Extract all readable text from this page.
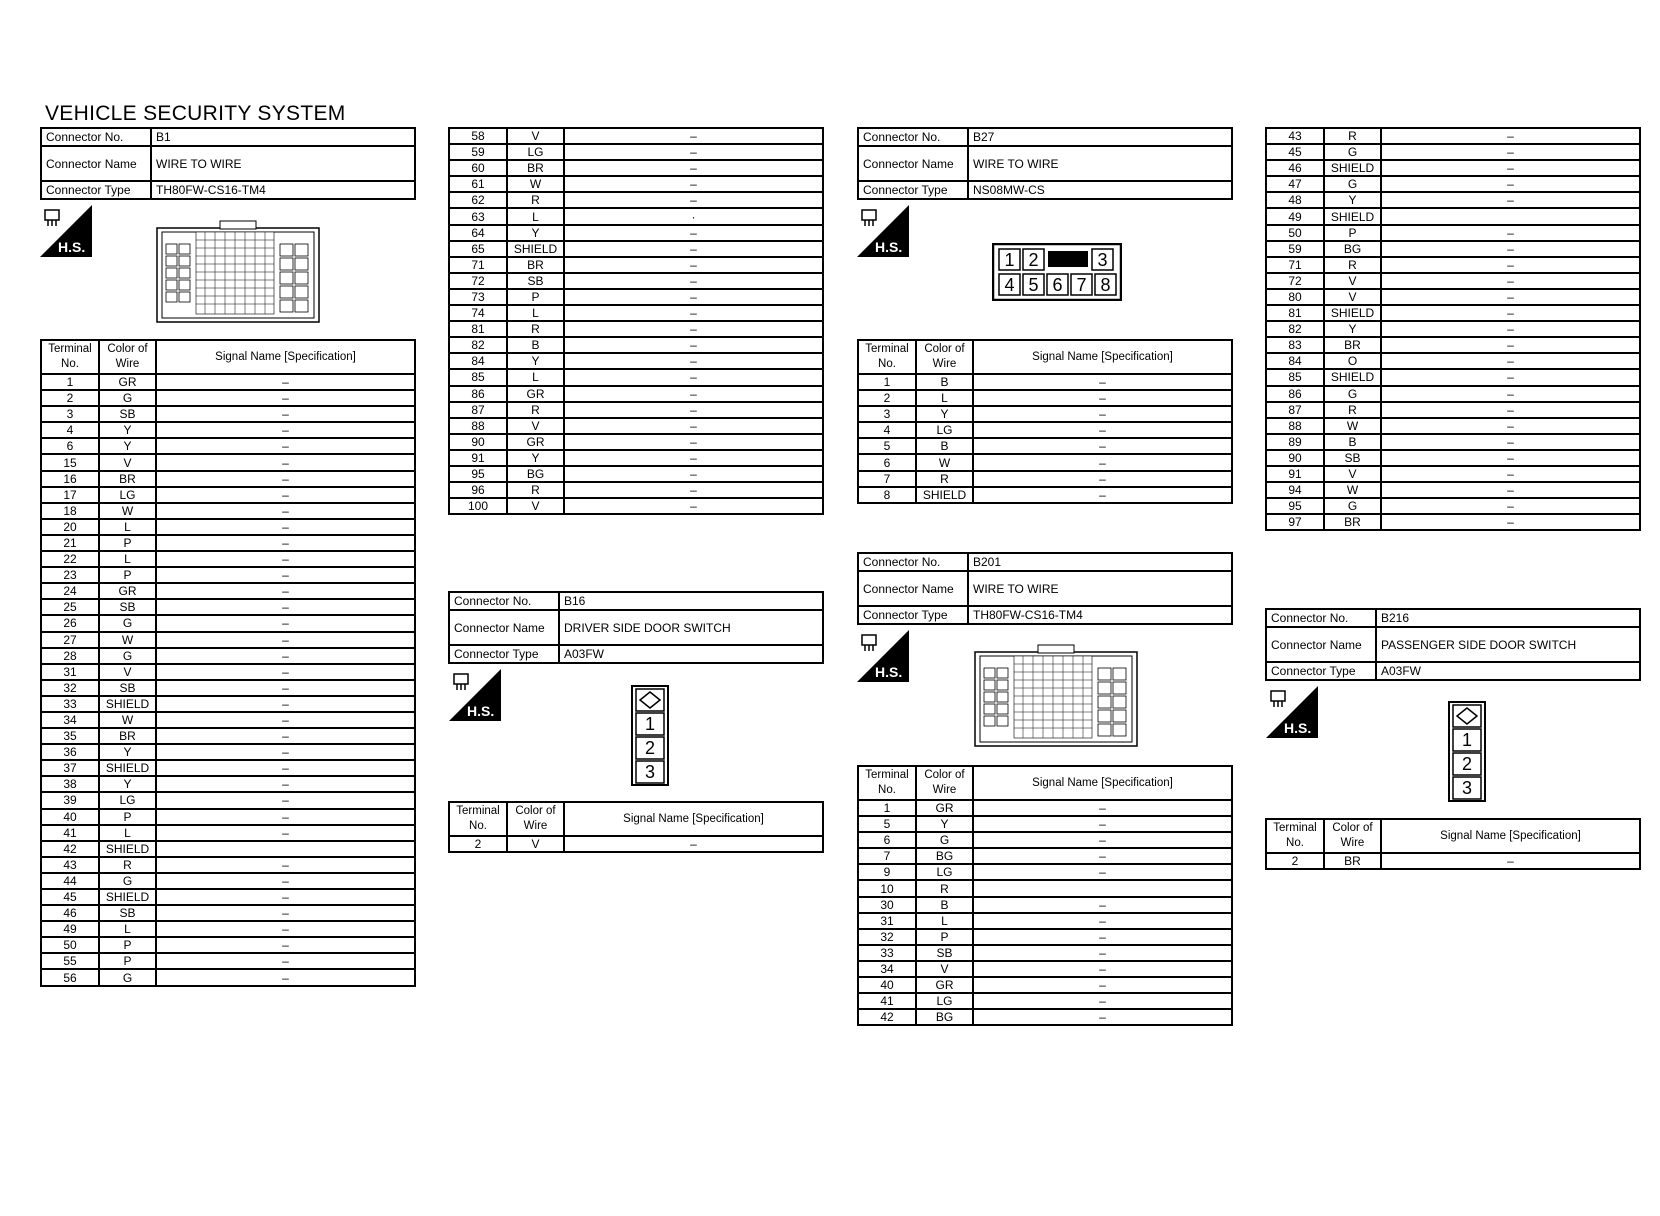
VEHICLE SECURITY SYSTEM
Connector No.	B1
Connector Name	WIRE TO WIRE
Connector Type	TH80FW-CS16-TM4
H.S.
Terminal No.	Color of Wire	Signal Name [Specification]
1	GR	–
2	G	–
3	SB	–
4	Y	–
6	Y	–
15	V	–
16	BR	–
17	LG	–
18	W	–
20	L	–
21	P	–
22	L	–
23	P	–
24	GR	–
25	SB	–
26	G	–
27	W	–
28	G	–
31	V	–
32	SB	–
33	SHIELD	–
34	W	–
35	BR	–
36	Y	–
37	SHIELD	–
38	Y	–
39	LG	–
40	P	–
41	L	–
42	SHIELD	
43	R	–
44	G	–
45	SHIELD	–
46	SB	–
49	L	–
50	P	–
55	P	–
56	G	–
58	V	–
59	LG	–
60	BR	–
61	W	–
62	R	–
63	L	·
64	Y	–
65	SHIELD	–
71	BR	–
72	SB	–
73	P	–
74	L	–
81	R	–
82	B	–
84	Y	–
85	L	–
86	GR	–
87	R	–
88	V	–
90	GR	–
91	Y	–
95	BG	–
96	R	–
100	V	–
Connector No.	B16
Connector Name	DRIVER SIDE DOOR SWITCH
Connector Type	A03FW
H.S.
1
2
3
Terminal No.	Color of Wire	Signal Name [Specification]
2	V	–
Connector No.	B27
Connector Name	WIRE TO WIRE
Connector Type	NS08MW-CS
H.S.
1 2	3
4 5 6 7 8
Terminal No.	Color of Wire	Signal Name [Specification]
1	B	–
2	L	–
3	Y	–
4	LG	–
5	B	–
6	W	–
7	R	–
8	SHIELD	–
Connector No.	B201
Connector Name	WIRE TO WIRE
Connector Type	TH80FW-CS16-TM4
H.S.
Terminal No.	Color of Wire	Signal Name [Specification]
1	GR	–
5	Y	–
6	G	–
7	BG	–
9	LG	–
10	R	
30	B	–
31	L	–
32	P	–
33	SB	–
34	V	–
40	GR	–
41	LG	–
42	BG	–
43	R	–
45	G	–
46	SHIELD	–
47	G	–
48	Y	–
49	SHIELD	
50	P	–
59	BG	–
71	R	–
72	V	–
80	V	–
81	SHIELD	–
82	Y	–
83	BR	–
84	O	–
85	SHIELD	–
86	G	–
87	R	–
88	W	–
89	B	–
90	SB	–
91	V	–
94	W	–
95	G	–
97	BR	–
Connector No.	B216
Connector Name	PASSENGER SIDE DOOR SWITCH
Connector Type	A03FW
H.S.
1
2
3
Terminal No.	Color of Wire	Signal Name [Specification]
2	BR	–
